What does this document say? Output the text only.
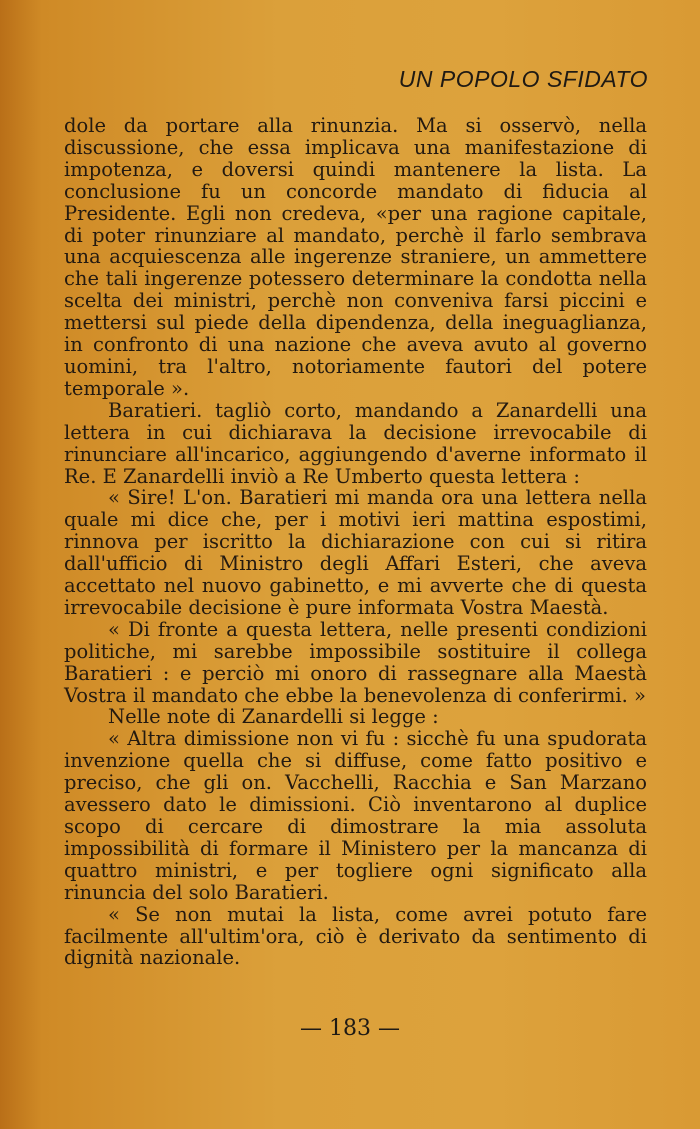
UN POPOLO SFIDATO

dole da portare alla rinunzia. Ma si osservò, nella discussione, che essa implicava una manifestazione di impotenza, e doversi quindi mantenere la lista. La conclusione fu un concorde mandato di fiducia al Presidente. Egli non credeva, «per una ragione capitale, di poter rinunziare al mandato, perchè il farlo sembrava una acquiescenza alle ingerenze straniere, un ammettere che tali ingerenze potessero determinare la condotta nella scelta dei ministri, perchè non conveniva farsi piccini e mettersi sul piede della dipendenza, della ineguaglianza, in confronto di una nazione che aveva avuto al governo uomini, tra l'altro, notoriamente fautori del potere temporale ».

Baratieri. tagliò corto, mandando a Zanardelli una lettera in cui dichiarava la decisione irrevocabile di rinunciare all'incarico, aggiungendo d'averne informato il Re. E Zanardelli inviò a Re Umberto questa lettera :

« Sire! L'on. Baratieri mi manda ora una lettera nella quale mi dice che, per i motivi ieri mattina espostimi, rinnova per iscritto la dichiarazione con cui si ritira dall'ufficio di Ministro degli Affari Esteri, che aveva accettato nel nuovo gabinetto, e mi avverte che di questa irrevocabile decisione è pure informata Vostra Maestà.

« Di fronte a questa lettera, nelle presenti condizioni politiche, mi sarebbe impossibile sostituire il collega Baratieri : e perciò mi onoro di rassegnare alla Maestà Vostra il mandato che ebbe la benevolenza di conferirmi. »

Nelle note di Zanardelli si legge :

« Altra dimissione non vi fu : sicchè fu una spudorata invenzione quella che si diffuse, come fatto positivo e preciso, che gli on. Vacchelli, Racchia e San Marzano avessero dato le dimissioni. Ciò inventarono al duplice scopo di cercare di dimostrare la mia assoluta impossibilità di formare il Ministero per la mancanza di quattro ministri, e per togliere ogni significato alla rinuncia del solo Baratieri.

« Se non mutai la lista, come avrei potuto fare facilmente all'ultim'ora, ciò è derivato da sentimento di dignità nazionale.

— 183 —
